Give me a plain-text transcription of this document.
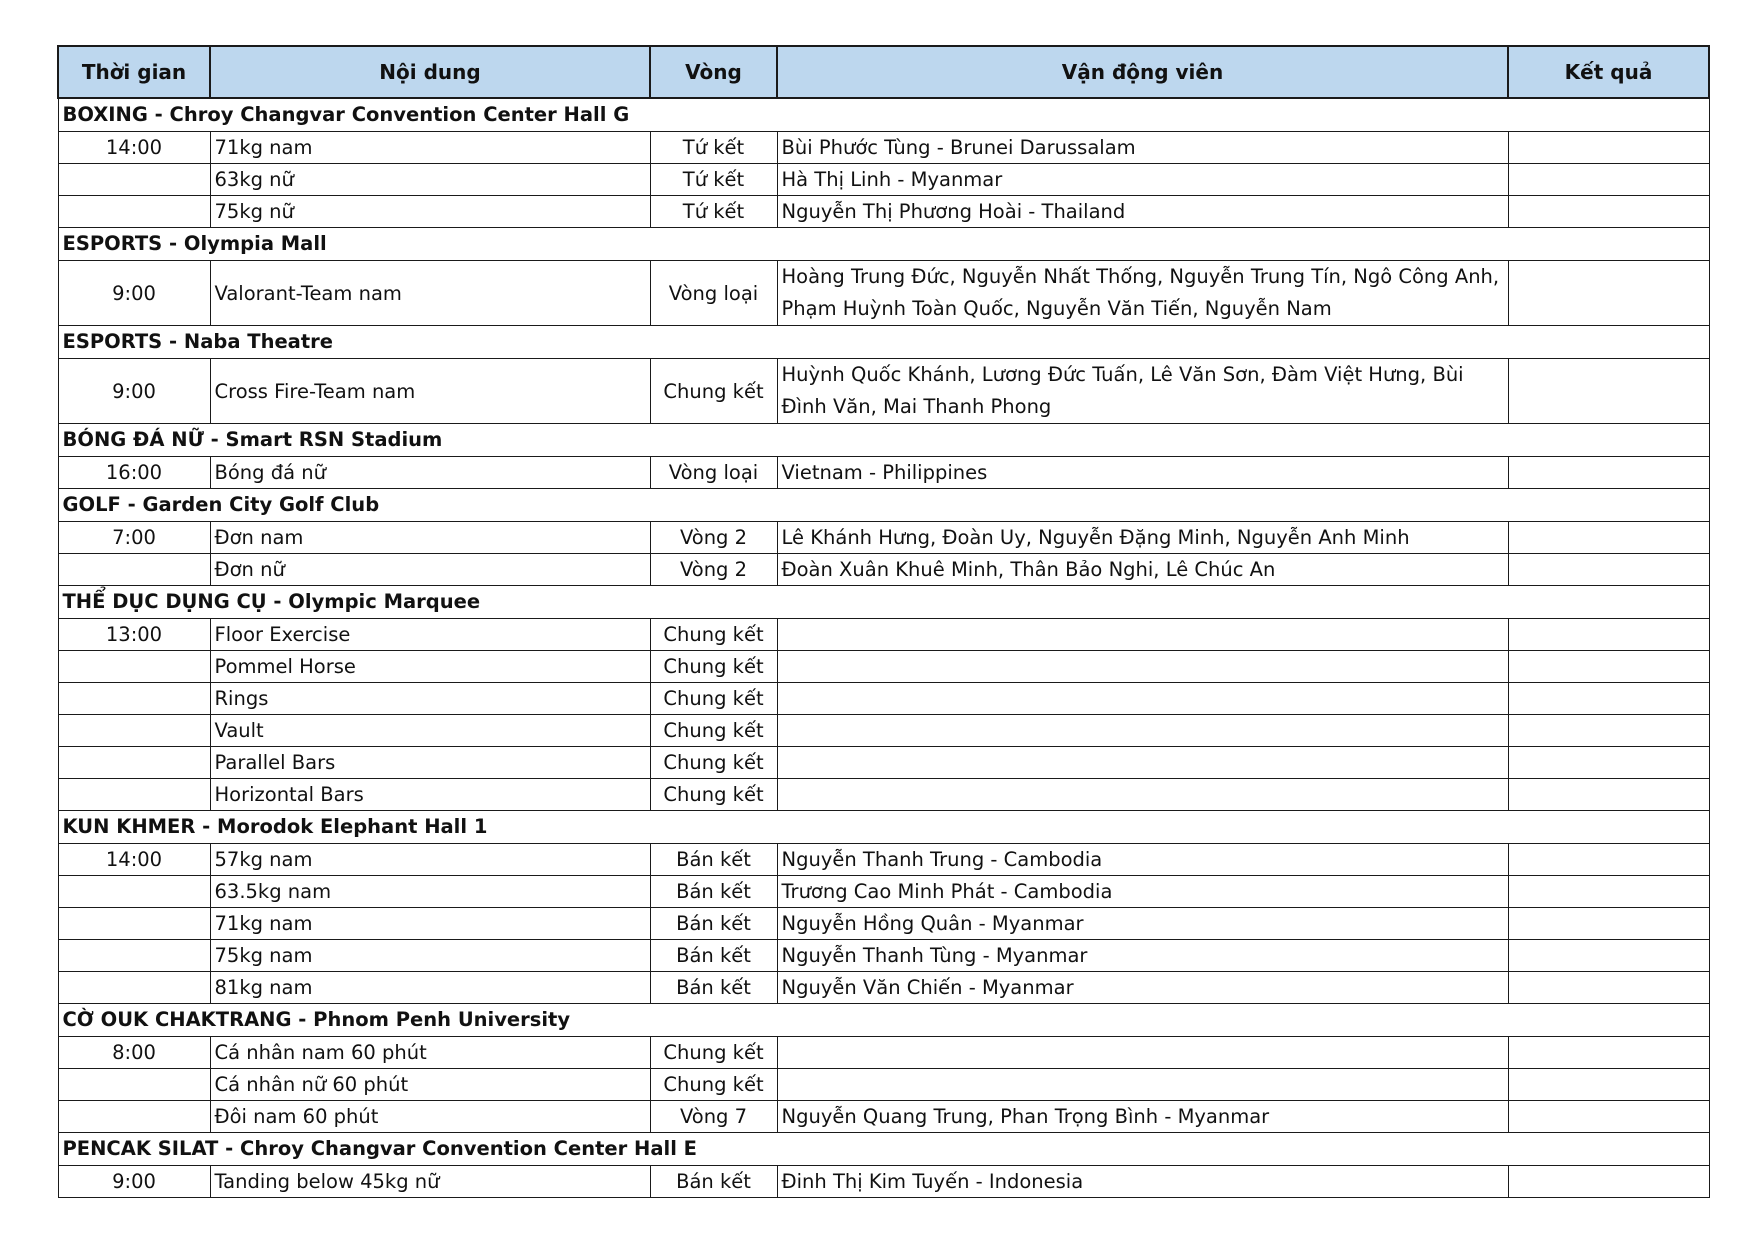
Thời gian	Nội dung	Vòng	Vận động viên	Kết quả
BOXING - Chroy Changvar Convention Center Hall G				
14:00	71kg nam	Tứ kết	Bùi Phước Tùng - Brunei Darussalam	
	63kg nữ	Tứ kết	Hà Thị Linh - Myanmar	
	75kg nữ	Tứ kết	Nguyễn Thị Phương Hoài - Thailand	
ESPORTS - Olympia Mall				
9:00	Valorant-Team nam	Vòng loại	Hoàng Trung Đức, Nguyễn Nhất Thống, Nguyễn Trung Tín, Ngô Công Anh, Phạm Huỳnh Toàn Quốc, Nguyễn Văn Tiến, Nguyễn Nam	
ESPORTS - Naba Theatre				
9:00	Cross Fire-Team nam	Chung kết	Huỳnh Quốc Khánh, Lương Đức Tuấn, Lê Văn Sơn, Đàm Việt Hưng, Bùi Đình Văn, Mai Thanh Phong	
BÓNG ĐÁ NỮ - Smart RSN Stadium				
16:00	Bóng đá nữ	Vòng loại	Vietnam - Philippines	
GOLF - Garden City Golf Club				
7:00	Đơn nam	Vòng 2	Lê Khánh Hưng, Đoàn Uy, Nguyễn Đặng Minh, Nguyễn Anh Minh	
	Đơn nữ	Vòng 2	Đoàn Xuân Khuê Minh, Thân Bảo Nghi, Lê Chúc An	
THỂ DỤC DỤNG CỤ - Olympic Marquee				
13:00	Floor Exercise	Chung kết		
	Pommel Horse	Chung kết		
	Rings	Chung kết		
	Vault	Chung kết		
	Parallel Bars	Chung kết		
	Horizontal Bars	Chung kết		
KUN KHMER - Morodok Elephant Hall 1				
14:00	57kg nam	Bán kết	Nguyễn Thanh Trung - Cambodia	
	63.5kg nam	Bán kết	Trương Cao Minh Phát - Cambodia	
	71kg nam	Bán kết	Nguyễn Hồng Quân - Myanmar	
	75kg nam	Bán kết	Nguyễn Thanh Tùng - Myanmar	
	81kg nam	Bán kết	Nguyễn Văn Chiến - Myanmar	
CỜ OUK CHAKTRANG - Phnom Penh University				
8:00	Cá nhân nam 60 phút	Chung kết		
	Cá nhân nữ 60 phút	Chung kết		
	Đôi nam 60 phút	Vòng 7	Nguyễn Quang Trung, Phan Trọng Bình - Myanmar	
PENCAK SILAT - Chroy Changvar Convention Center Hall E				
9:00	Tanding below 45kg nữ	Bán kết	Đinh Thị Kim Tuyến - Indonesia	
